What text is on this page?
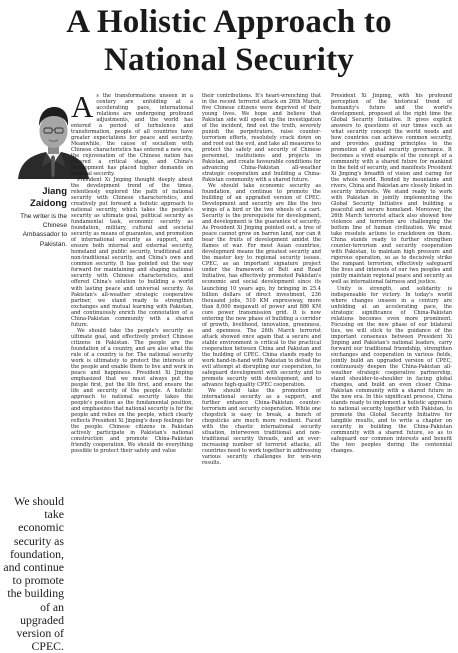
A Holistic Approach to
National Security
Jiang Zaidong
The writer is the Chinese Ambassador to Pakistan.
We should take economic security as foundation, and continue to promote the building of an upgraded version of CPEC.

As the transformations unseen in a century are unfolding at a accelerating pace, international relations are undergoing profound adjustments, and the world has entered a period of turbulence and transformation, people of all countries have greater expectations for peace and security. Meanwhile, the cause of socialism with Chinese characteristics has entered a new era, the rejuvenation of the Chinese nation has entered a critical stage, and China's development has placed higher demands on national security.

President Xi Jinping thought deeply about the development trend of the times, relentlessly explored the path of national security with Chinese characteristics, and creatively put forward a holistic approach to national security, which takes the people's security as ultimate goal, political security as fundamental task, economic security as foundation, military, cultural and societal security as means of guarantee, and promotion of international security as support, and ensure both internal and external security, homeland and public security, traditional and non-traditional security, and China's own and common security. It has pointed out the way forward for maintaining and shaping national security with Chinese characteristics, and offered China's solution to building a world with lasting peace and universal security. As Pakistan's all-weather strategic cooperative partner, we stand ready to strengthen exchanges and mutual learning with Pakistan, and continuously enrich the connotation of a China-Pakistan community with a shared future.

We should take the people's security as ultimate goal, and effectively protect Chinese citizens in Pakistan. The people are the foundation of a country, and are also what the rule of a country is for. The national security work is ultimately to protect the interests of the people and enable them to live and work in peace and happiness. President Xi Jinping emphasized that we must always put the people first, put the life first, and ensure the life and security of the people. A holistic approach to national security takes the people's position as the fundamental position, and emphasizes that national security is for the people and relies on the people, which clearly reflects President Xi Jinping's deep feelings for the people. Chinese citizens in Pakistan actively participate in Pakistan's national construction and promote China-Pakistan friendly cooperation. We should do everything possible to protect their safety and value

their contributions. It's heart-wrenching that in the recent terrorist attack on 26th March, five Chinese citizens were deprived of their young lives. We hope and believe that Pakistan side will speed up the investigation of the incident, find out the truth, severely punish the perpetrators, raise counter-terrorism efforts, resolutely crack down on and root out the evil, and take all measures to protect the safety and security of Chinese personnel, institutions and projects in Pakistan, and create favourable conditions for advancing China-Pakistan all-weather strategic cooperation and building a China-Pakistan community with a shared future.

We should take economic security as foundation, and continue to promote the building of an upgraded version of CPEC. Development and security are like the two wings of a bird or the two wheels of a cart. Security is the prerequisite for development, and development is the guarantee of security. As President Xi Jinping pointed out, a tree of peace cannot grow on barren land, nor can it bear the fruits of development amidst the flames of war. For most Asian countries, development means the greatest security and the master key to regional security issues. CPEC, as an important signature project under the framework of Belt and Road Initiative, has effectively promoted Pakistan's economic and social development since its launching 10 years ago, by bringing in 25.4 billion dollars of direct investment, 236 thousand jobs, 510 KM expressway, more than 8,000 megawatt of power and 886 KM core power transmission grid. It is now entering the new phase of building a corridor of growth, livelihood, innovation, greenness, and openness. The 26th March terrorist attack showed once again that a secure and stable environment is critical to the practical cooperation between China and Pakistan and the building of CPEC. China stands ready to work hand-in-hand with Pakistan to defeat the evil attempt at disrupting our cooperation, to safeguard development with security and to promote security with development, and to advance high-quality CPEC cooperation.

We should take the promotion of international security as a support, and further enhance China-Pakistan counter-terrorism and security cooperation. While one chopstick is easy to break, a bunch of chopsticks are much more resilient. Faced with the chaotic international security situation, interwoven traditional and non-traditional security threads, and an ever-increasing number of terrorist attacks, all countries need to work together in addressing various security challenges for win-win results.

President Xi Jinping, with his profound perception of the historical trend of humanity's future and the world's development, proposed at the right time the Global Security Initiative. It gives explicit answers to questions of our times such as what security concept the world needs and how countries can achieve common security, and provides guiding principles to the promotion of global security governance. It becomes a vivid example of the concept of a community with a shared future for mankind in the field of security, and manifests President Xi Jinping's breadth of vision and caring for the whole world. Bonded by mountains and rivers, China and Pakistan are closely linked in security interests. We stand ready to work with Pakistan in jointly implementing the Global Security Initiative and building a peaceful and secure homeland. Moreover, the 26th March terrorist attack also showed how violence and terrorism are challenging the bottom line of human civilization. We must take resolute actions to crackdown on them. China stands ready to further strengthen counter-terrorism and security cooperation with Pakistan, to maintain high pressure and rigorous operation, so as to decisively strike the rampant terrorism, effectively safeguard the lives and interests of our two peoples and jointly maintain regional peace and security as well as international fairness and justice.

Unity is strength, and solidarity is indispensable for victory. In today's world where changes unseen in a century are unfolding at an accelerating pace, the strategic significance of China-Pakistan relations becomes even more prominent. Focusing on the new phase of our bilateral ties, we will stick to the guidance of the important consensus between President Xi Jinping and Pakistan's national leaders, carry forward our traditional friendship, strengthen exchanges and cooperation in various fields, jointly build an upgraded version of CPEC, continuously deepen the China-Pakistan all-weather strategic cooperative partnership, stand shoulder-to-shoulder in facing global changes, and build an even closer China-Pakistan community with a shared future in the new era. In this significant process, China stands ready to implement a holistic approach to national security together with Pakistan, to promote the Global Security Initiative for tangible results, and to write a chapter on security in building the China-Pakistan community with a shared future, so as to safeguard our common interests and benefit the two peoples during the centennial changes.
